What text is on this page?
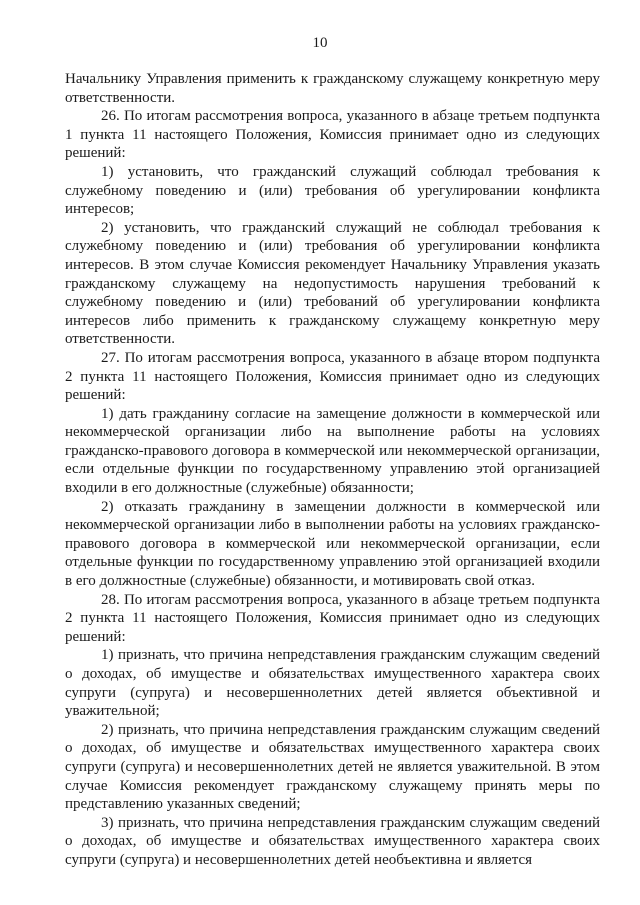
10

Начальнику Управления применить к гражданскому служащему конкретную меру ответственности.

26. По итогам рассмотрения вопроса, указанного в абзаце третьем подпункта 1 пункта 11 настоящего Положения, Комиссия принимает одно из следующих решений:

1) установить, что гражданский служащий соблюдал требования к служебному поведению и (или) требования об урегулировании конфликта интересов;

2) установить, что гражданский служащий не соблюдал требования к служебному поведению и (или) требования об урегулировании конфликта интересов. В этом случае Комиссия рекомендует Начальнику Управления указать гражданскому служащему на недопустимость нарушения требований к служебному поведению и (или) требований об урегулировании конфликта интересов либо применить к гражданскому служащему конкретную меру ответственности.

27. По итогам рассмотрения вопроса, указанного в абзаце втором подпункта 2 пункта 11 настоящего Положения, Комиссия принимает одно из следующих решений:

1) дать гражданину согласие на замещение должности в коммерческой или некоммерческой организации либо на выполнение работы на условиях гражданско-правового договора в коммерческой или некоммерческой организации, если отдельные функции по государственному управлению этой организацией входили в его должностные (служебные) обязанности;

2) отказать гражданину в замещении должности в коммерческой или некоммерческой организации либо в выполнении работы на условиях гражданско-правового договора в коммерческой или некоммерческой организации, если отдельные функции по государственному управлению этой организацией входили в его должностные (служебные) обязанности, и мотивировать свой отказ.

28. По итогам рассмотрения вопроса, указанного в абзаце третьем подпункта 2 пункта 11 настоящего Положения, Комиссия принимает одно из следующих решений:

1) признать, что причина непредставления гражданским служащим сведений о доходах, об имуществе и обязательствах имущественного характера своих супруги (супруга) и несовершеннолетних детей является объективной и уважительной;

2) признать, что причина непредставления гражданским служащим сведений о доходах, об имуществе и обязательствах имущественного характера своих супруги (супруга) и несовершеннолетних детей не является уважительной. В этом случае Комиссия рекомендует гражданскому служащему принять меры по представлению указанных сведений;

3) признать, что причина непредставления гражданским служащим сведений о доходах, об имуществе и обязательствах имущественного характера своих супруги (супруга) и несовершеннолетних детей необъективна и является
